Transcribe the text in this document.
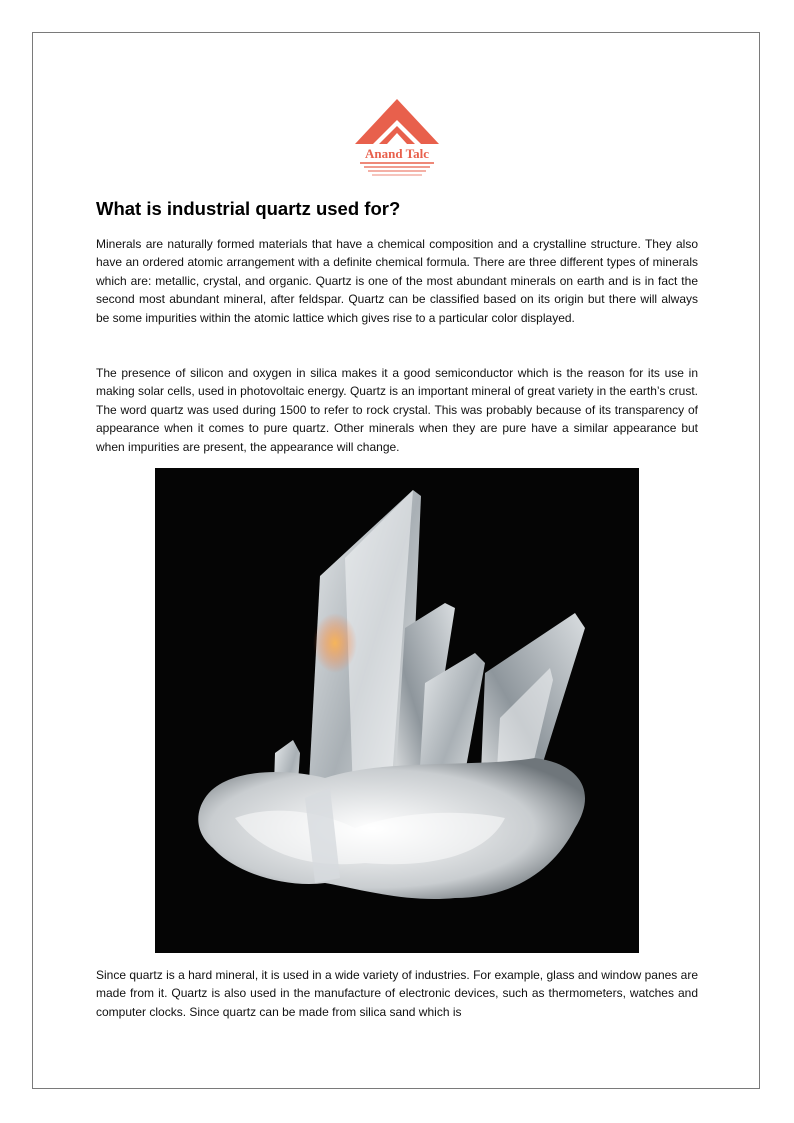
Anand Talc
What is industrial quartz used for?

Minerals are naturally formed materials that have a chemical composition and a crystalline structure. They also have an ordered atomic arrangement with a definite chemical formula. There are three different types of minerals which are: metallic, crystal, and organic. Quartz is one of the most abundant minerals on earth and is in fact the second most abundant mineral, after feldspar. Quartz can be classified based on its origin but there will always be some impurities within the atomic lattice which gives rise to a particular color displayed.

The presence of silicon and oxygen in silica makes it a good semiconductor which is the reason for its use in making solar cells, used in photovoltaic energy. Quartz is an important mineral of great variety in the earth’s crust. The word quartz was used during 1500 to refer to rock crystal. This was probably because of its transparency of appearance when it comes to pure quartz. Other minerals when they are pure have a similar appearance but when impurities are present, the appearance will change.

Since quartz is a hard mineral, it is used in a wide variety of industries. For example, glass and window panes are made from it. Quartz is also used in the manufacture of electronic devices, such as thermometers, watches and computer clocks. Since quartz can be made from silica sand which is
